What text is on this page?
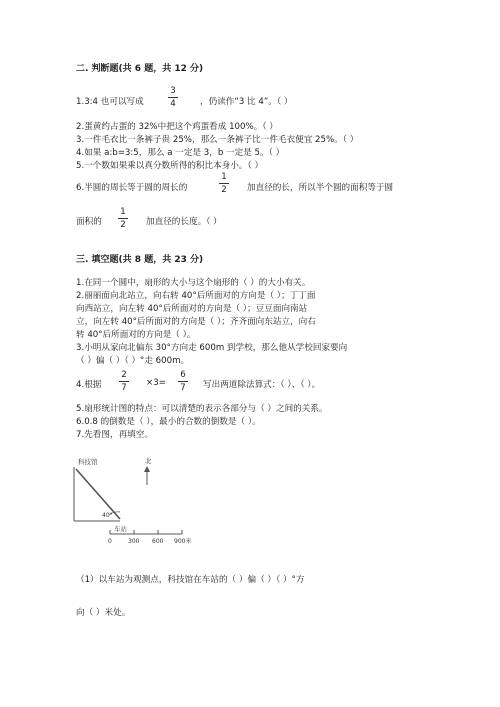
二. 判断题(共 6 题，共 12 分)
1.3:4 也可以写成
3
4	，仍读作“3 比 4”。（ ）
2.蛋黄约占蛋的 32%中把这个鸡蛋看成 100%。（ ）
3.一件毛衣比一条裤子贵 25%，那么一条裤子比一件毛衣便宜 25%。（ ）
4.如果 a:b=3:5，那么 a 一定是 3，b 一定是 5。（ ）
5.一个数如果乘以真分数所得的积比本身小。（ ）
6.半圆的周长等于圆的周长的
1
2 加直径的长，所以半个圆的面积等于圆
面积的
1
2 加直径的长度。（ ）
三. 填空题(共 8 题，共 23 分)
1.在同一个圆中，扇形的大小与这个扇形的（ ）的大小有关。
2.丽丽面向北站立，向右转 40°后所面对的方向是（ ）；丁丁面
向西站立，向左转 40°后所面对的方向是（ ）；豆豆面向南站
立，向左转 40°后所面对的方向是（ ）；齐齐面向东站立，向右
转 40°后所面对的方向是（ ）。
3.小明从家向北偏东 30°方向走 600m 到学校，那么他从学校回家要向
（ ）偏（ ）（ ）°走 600m。
4.根据
2
7 ×3=
6
7 写出两道除法算式：（ ）、（ ）。
5.扇形统计图的特点：可以清楚的表示各部分与（ ）之间的关系。
6.0.8 的倒数是（ ），最小的合数的倒数是（ ）。
7.先看图，再填空。
科技馆
40°
车站
北
0	300 600 900米
（1）以车站为观测点，科技馆在车站的（ ）偏（ ）（ ）°方
向（ ）米处。
